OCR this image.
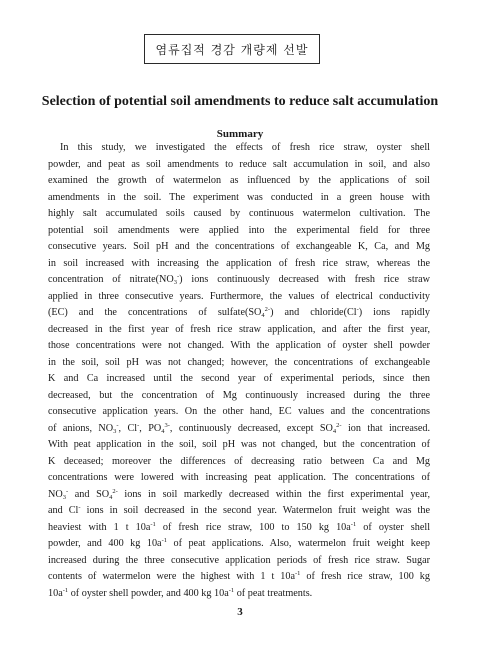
염류집적 경감 개량제 선발
Selection of potential soil amendments to reduce salt accumulation
Summary
In this study, we investigated the effects of fresh rice straw, oyster shell
powder, and peat as soil amendments to reduce salt accumulation in soil, and also
examined the growth of watermelon as influenced by the applications of soil
amendments in the soil. The experiment was conducted in a green house with
highly salt accumulated soils caused by continuous watermelon cultivation. The
potential soil amendments were applied into the experimental field for three
consecutive years. Soil pH and the concentrations of exchangeable K, Ca, and Mg
in soil increased with increasing the application of fresh rice straw, whereas the
concentration of $nitrate(NO_3^-)$ ions continuously decreased with fresh rice straw
applied in three consecutive years. Furthermore, the values of electrical conductivity
(EC) and the concentrations of $sulfate(SO_4^{2-})$ and chloride(Cl-) ions rapidly
decreased in the first year of fresh rice straw application, and after the first year,
those concentrations were not changed. With the application of oyster shell powder
in the soil, soil pH was not changed; however, the concentrations of exchangeable
K and Ca increased until the second year of experimental periods, since then
decreased, but the concentration of Mg continuously increased during the three
consecutive application years. On the other hand, EC values and the concentrations
of anions, $NO_3^-$, Cl-, $PO_4^{3-}$, continuously decreased, except $SO_4^{2-}$ ion that increased.
With peat application in the soil, soil pH was not changed, but the concentration of
K deceased; moreover the differences of decreasing ratio between Ca and Mg
concentrations were lowered with increasing peat application. The concentrations of
$NO_3^-$ and $SO_4^{2-}$ ions in soil markedly decreased within the first experimental year,
and Cl- ions in soil decreased in the second year. Watermelon fruit weight was the
heaviest with 1 t $10a^{-1}$ of fresh rice straw, 100 to 150 kg $10a^{-1}$ of oyster shell
powder, and 400 kg $10a^{-1}$ of peat applications. Also, watermelon fruit weight keep
increased during the three consecutive application periods of fresh rice straw. Sugar
contents of watermelon were the highest with 1 t $10a^{-1}$ of fresh rice straw, 100 kg
$10a^{-1}$ of oyster shell powder, and 400 kg $10a^{-1}$ of peat treatments.
3
